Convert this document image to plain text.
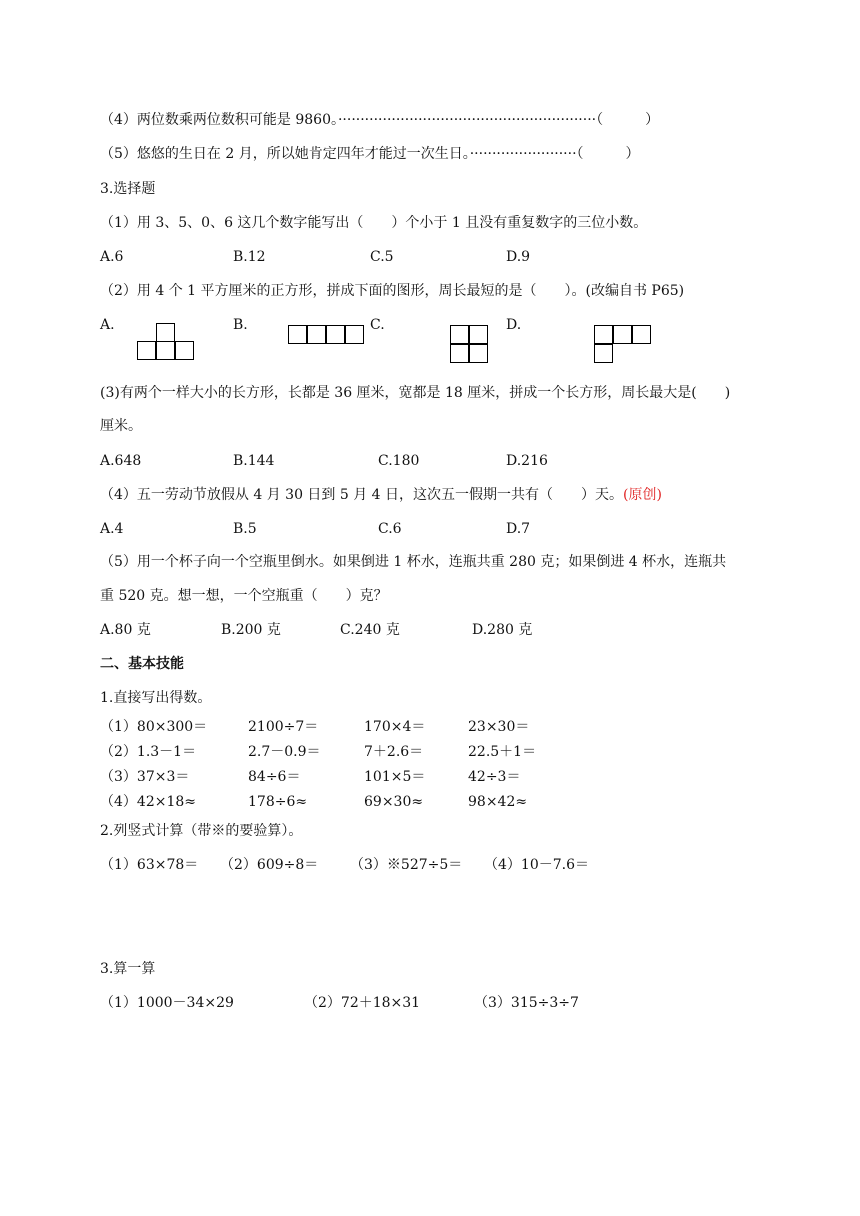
（4）两位数乘两位数积可能是 9860。··························································（　　　）
（5）悠悠的生日在 2 月，所以她肯定四年才能过一次生日。························（　　　）
3.选择题
（1）用 3、5、0、6 这几个数字能写出（　　）个小于 1 且没有重复数字的三位小数。
A.6	B.12	C.5	D.9
（2）用 4 个 1 平方厘米的正方形，拼成下面的图形，周长最短的是（　　）。(改编自书 P65)
A.	B.	C.	D.
(3)有两个一样大小的长方形，长都是 36 厘米，宽都是 18 厘米，拼成一个长方形，周长最大是(　　)
厘米。
A.648	B.144	C.180	D.216
（4）五一劳动节放假从 4 月 30 日到 5 月 4 日，这次五一假期一共有（　　）天。(原创)
A.4	B.5	C.6	D.7
（5）用一个杯子向一个空瓶里倒水。如果倒进 1 杯水，连瓶共重 280 克；如果倒进 4 杯水，连瓶共
重 520 克。想一想，一个空瓶重（　　）克？
A.80 克	B.200 克	C.240 克	D.280 克
二、基本技能
1.直接写出得数。
（1）80×300＝	2100÷7＝	170×4＝	23×30＝
（2）1.3－1＝	2.7－0.9＝	7＋2.6＝	22.5＋1＝
（3）37×3＝	84÷6＝	101×5＝	42÷3＝
（4）42×18≈	178÷6≈	69×30≈	98×42≈
2.列竖式计算（带※的要验算）。
（1）63×78＝ （2）609÷8＝ （3）※527÷5＝ （4）10－7.6＝
3.算一算
（1）1000－34×29	（2）72＋18×31	（3）315÷3÷7
